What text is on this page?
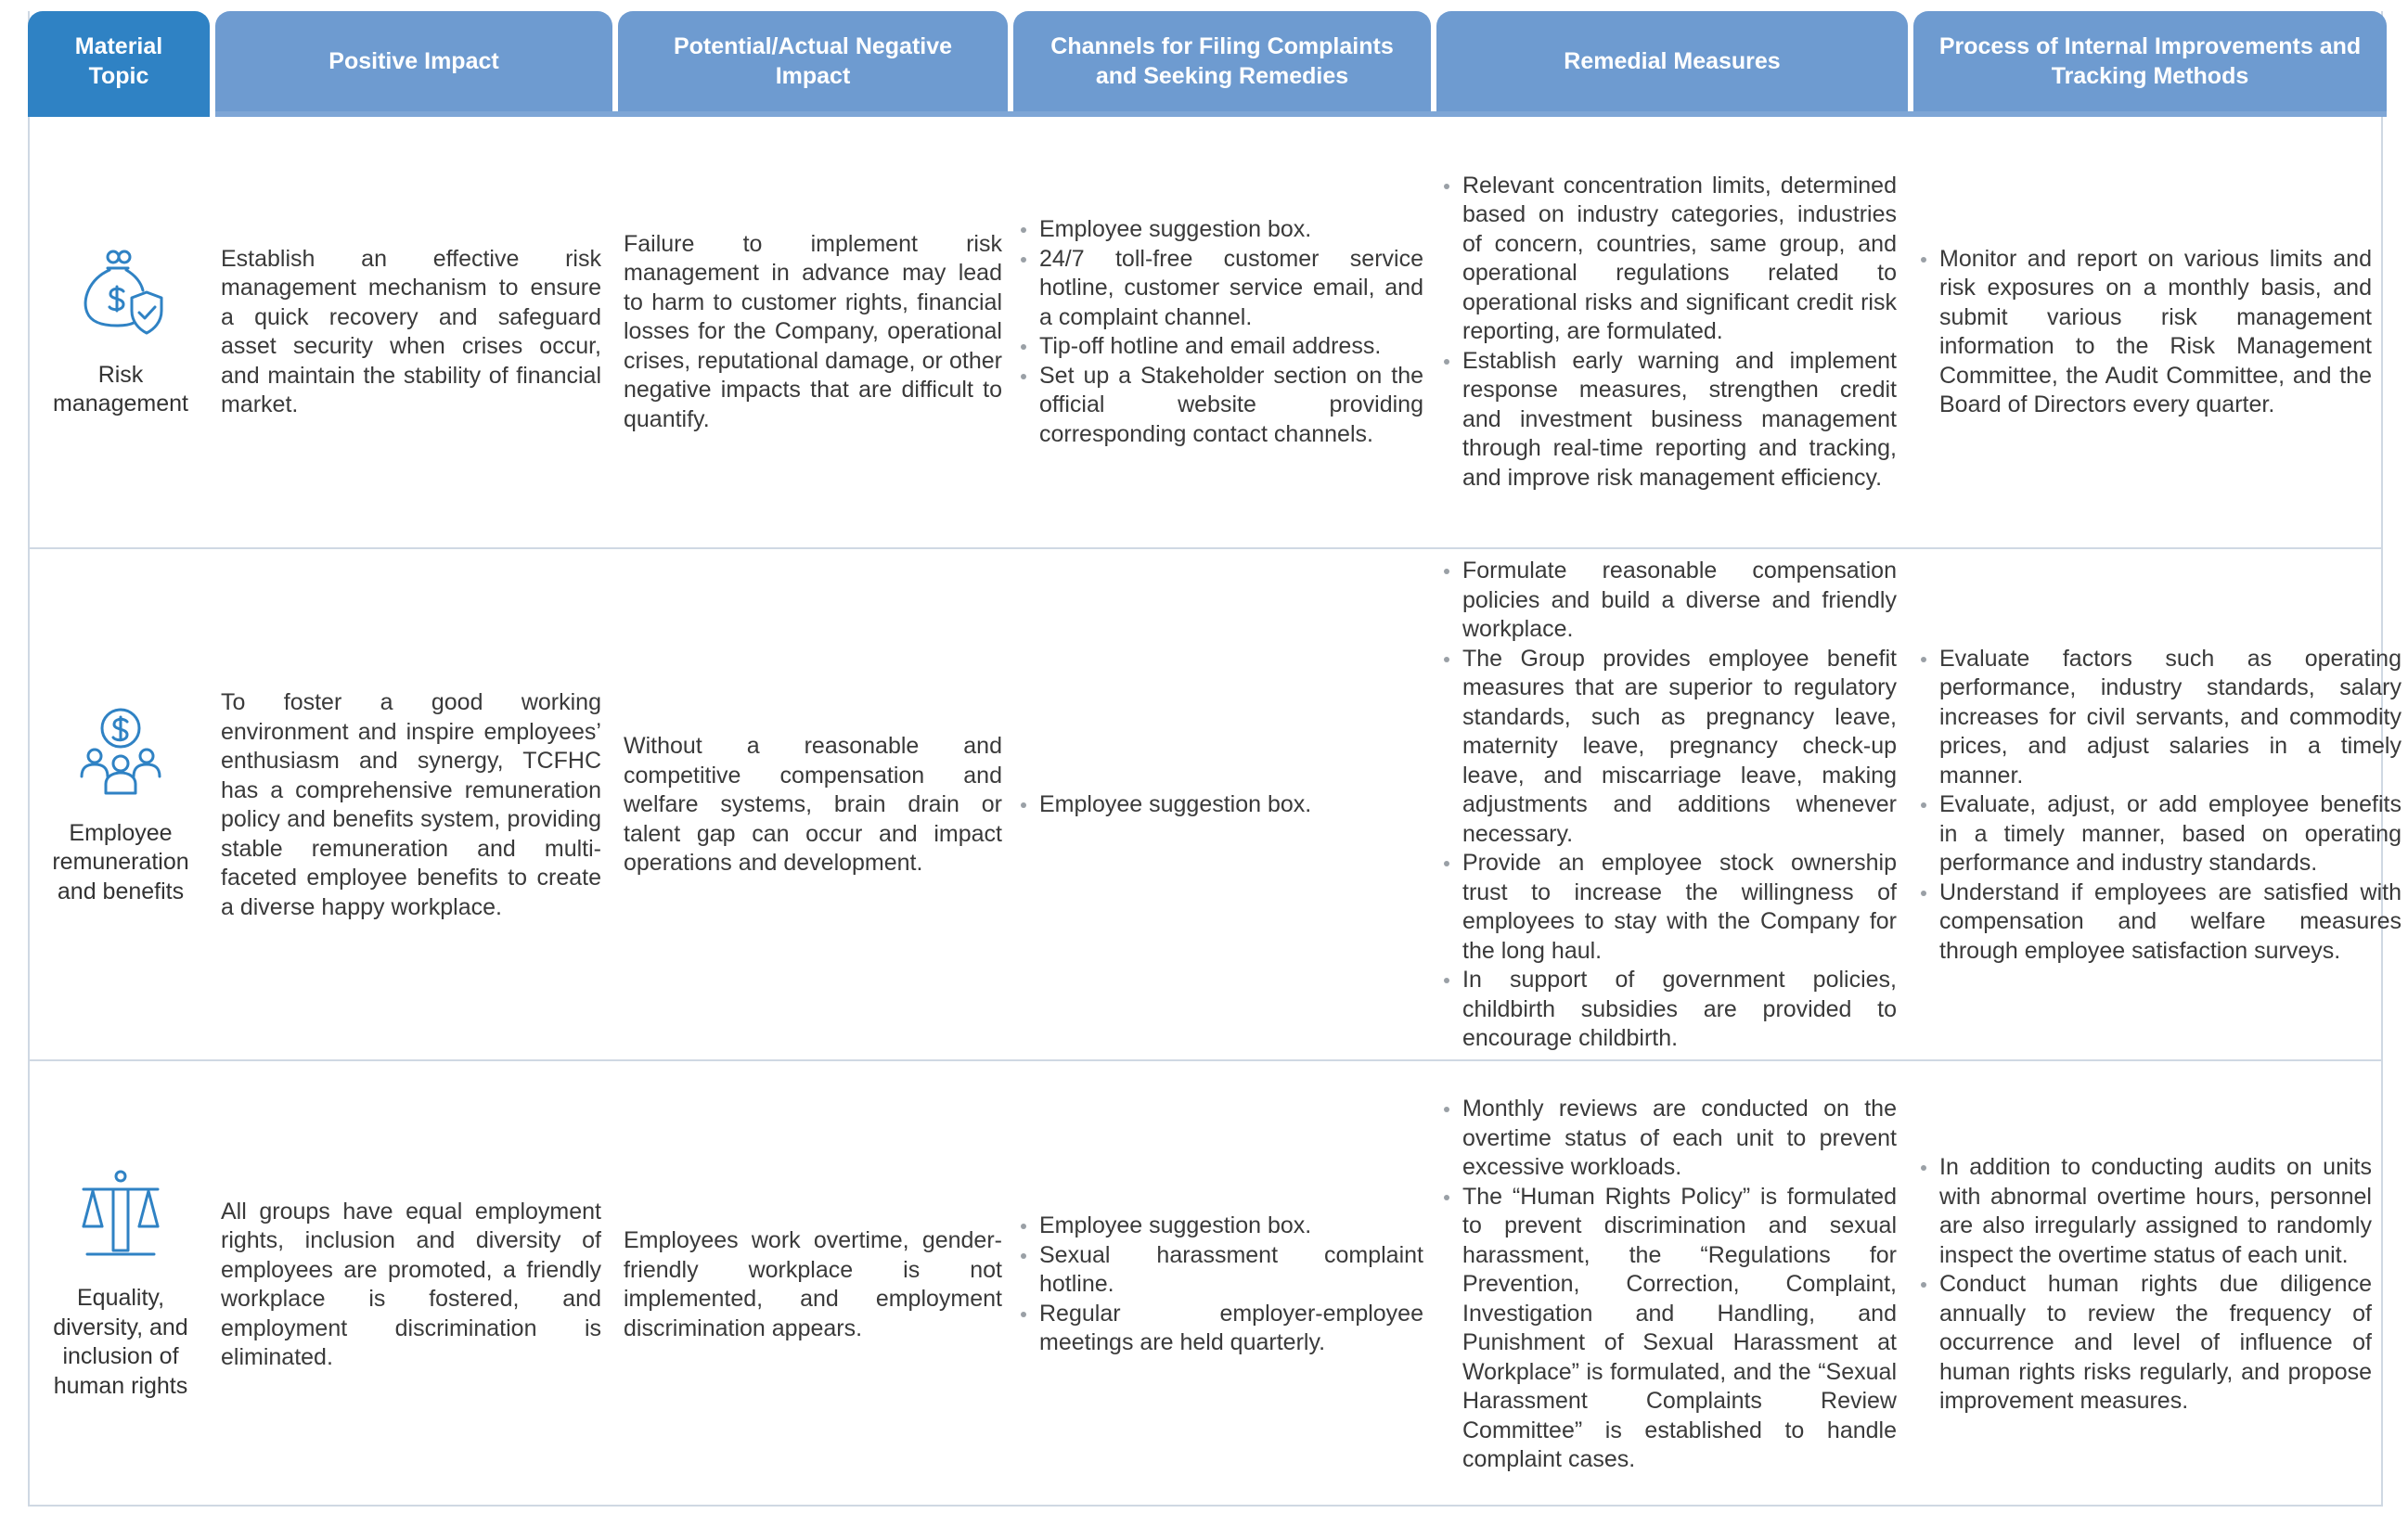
Material Topic
Positive Impact
Potential/Actual Negative Impact
Channels for Filing Complaints and Seeking Remedies
Remedial Measures
Process of Internal Improvements and Tracking Methods
Risk management
Establish an effective risk management mechanism to ensure a quick recovery and safeguard asset security when crises occur, and maintain the stability of financial market.
Failure to implement risk management in advance may lead to harm to customer rights, financial losses for the Company, operational crises, reputational damage, or other negative impacts that are difficult to quantify.
Employee suggestion box.
24/7 toll-free customer service hotline, customer service email, and a complaint channel.
Tip-off hotline and email address.
Set up a Stakeholder section on the official website providing corresponding contact channels.
Relevant concentration limits, determined based on industry categories, industries of concern, countries, same group, and operational regulations related to operational risks and significant credit risk reporting, are formulated.
Establish early warning and implement response measures, strengthen credit and investment business management through real-time reporting and tracking, and improve risk management efficiency.
Monitor and report on various limits and risk exposures on a monthly basis, and submit various risk management information to the Risk Management Committee, the Audit Committee, and the Board of Directors every quarter.
Employee remuneration and benefits
To foster a good working environment and inspire employees’ enthusiasm and synergy, TCFHC has a comprehensive remuneration policy and benefits system, providing stable remuneration and multi-faceted employee benefits to create a diverse happy workplace.
Without a reasonable and competitive compensation and welfare systems, brain drain or talent gap can occur and impact operations and development.
Employee suggestion box.
Formulate reasonable compensation policies and build a diverse and friendly workplace.
The Group provides employee benefit measures that are superior to regulatory standards, such as pregnancy leave, maternity leave, pregnancy check-up leave, and miscarriage leave, making adjustments and additions whenever necessary.
Provide an employee stock ownership trust to increase the willingness of employees to stay with the Company for the long haul.
In support of government policies, childbirth subsidies are provided to encourage childbirth.
Evaluate factors such as operating performance, industry standards, salary increases for civil servants, and commodity prices, and adjust salaries in a timely manner.
Evaluate, adjust, or add employee benefits in a timely manner, based on operating performance and industry standards.
Understand if employees are satisfied with compensation and welfare measures through employee satisfaction surveys.
Equality, diversity, and inclusion of human rights
All groups have equal employment rights, inclusion and diversity of employees are promoted, a friendly workplace is fostered, and employment discrimination is eliminated.
Employees work overtime, gender-friendly workplace is not implemented, and employment discrimination appears.
Employee suggestion box.
Sexual harassment complaint hotline.
Regular employer-employee meetings are held quarterly.
Monthly reviews are conducted on the overtime status of each unit to prevent excessive workloads.
The “Human Rights Policy” is formulated to prevent discrimination and sexual harassment, the “Regulations for Prevention, Correction, Complaint, Investigation and Handling, and Punishment of Sexual Harassment at Workplace” is formulated, and the “Sexual Harassment Complaints Review Committee” is established to handle complaint cases.
In addition to conducting audits on units with abnormal overtime hours, personnel are also irregularly assigned to randomly inspect the overtime status of each unit.
Conduct human rights due diligence annually to review the frequency of occurrence and level of influence of human rights risks regularly, and propose improvement measures.
